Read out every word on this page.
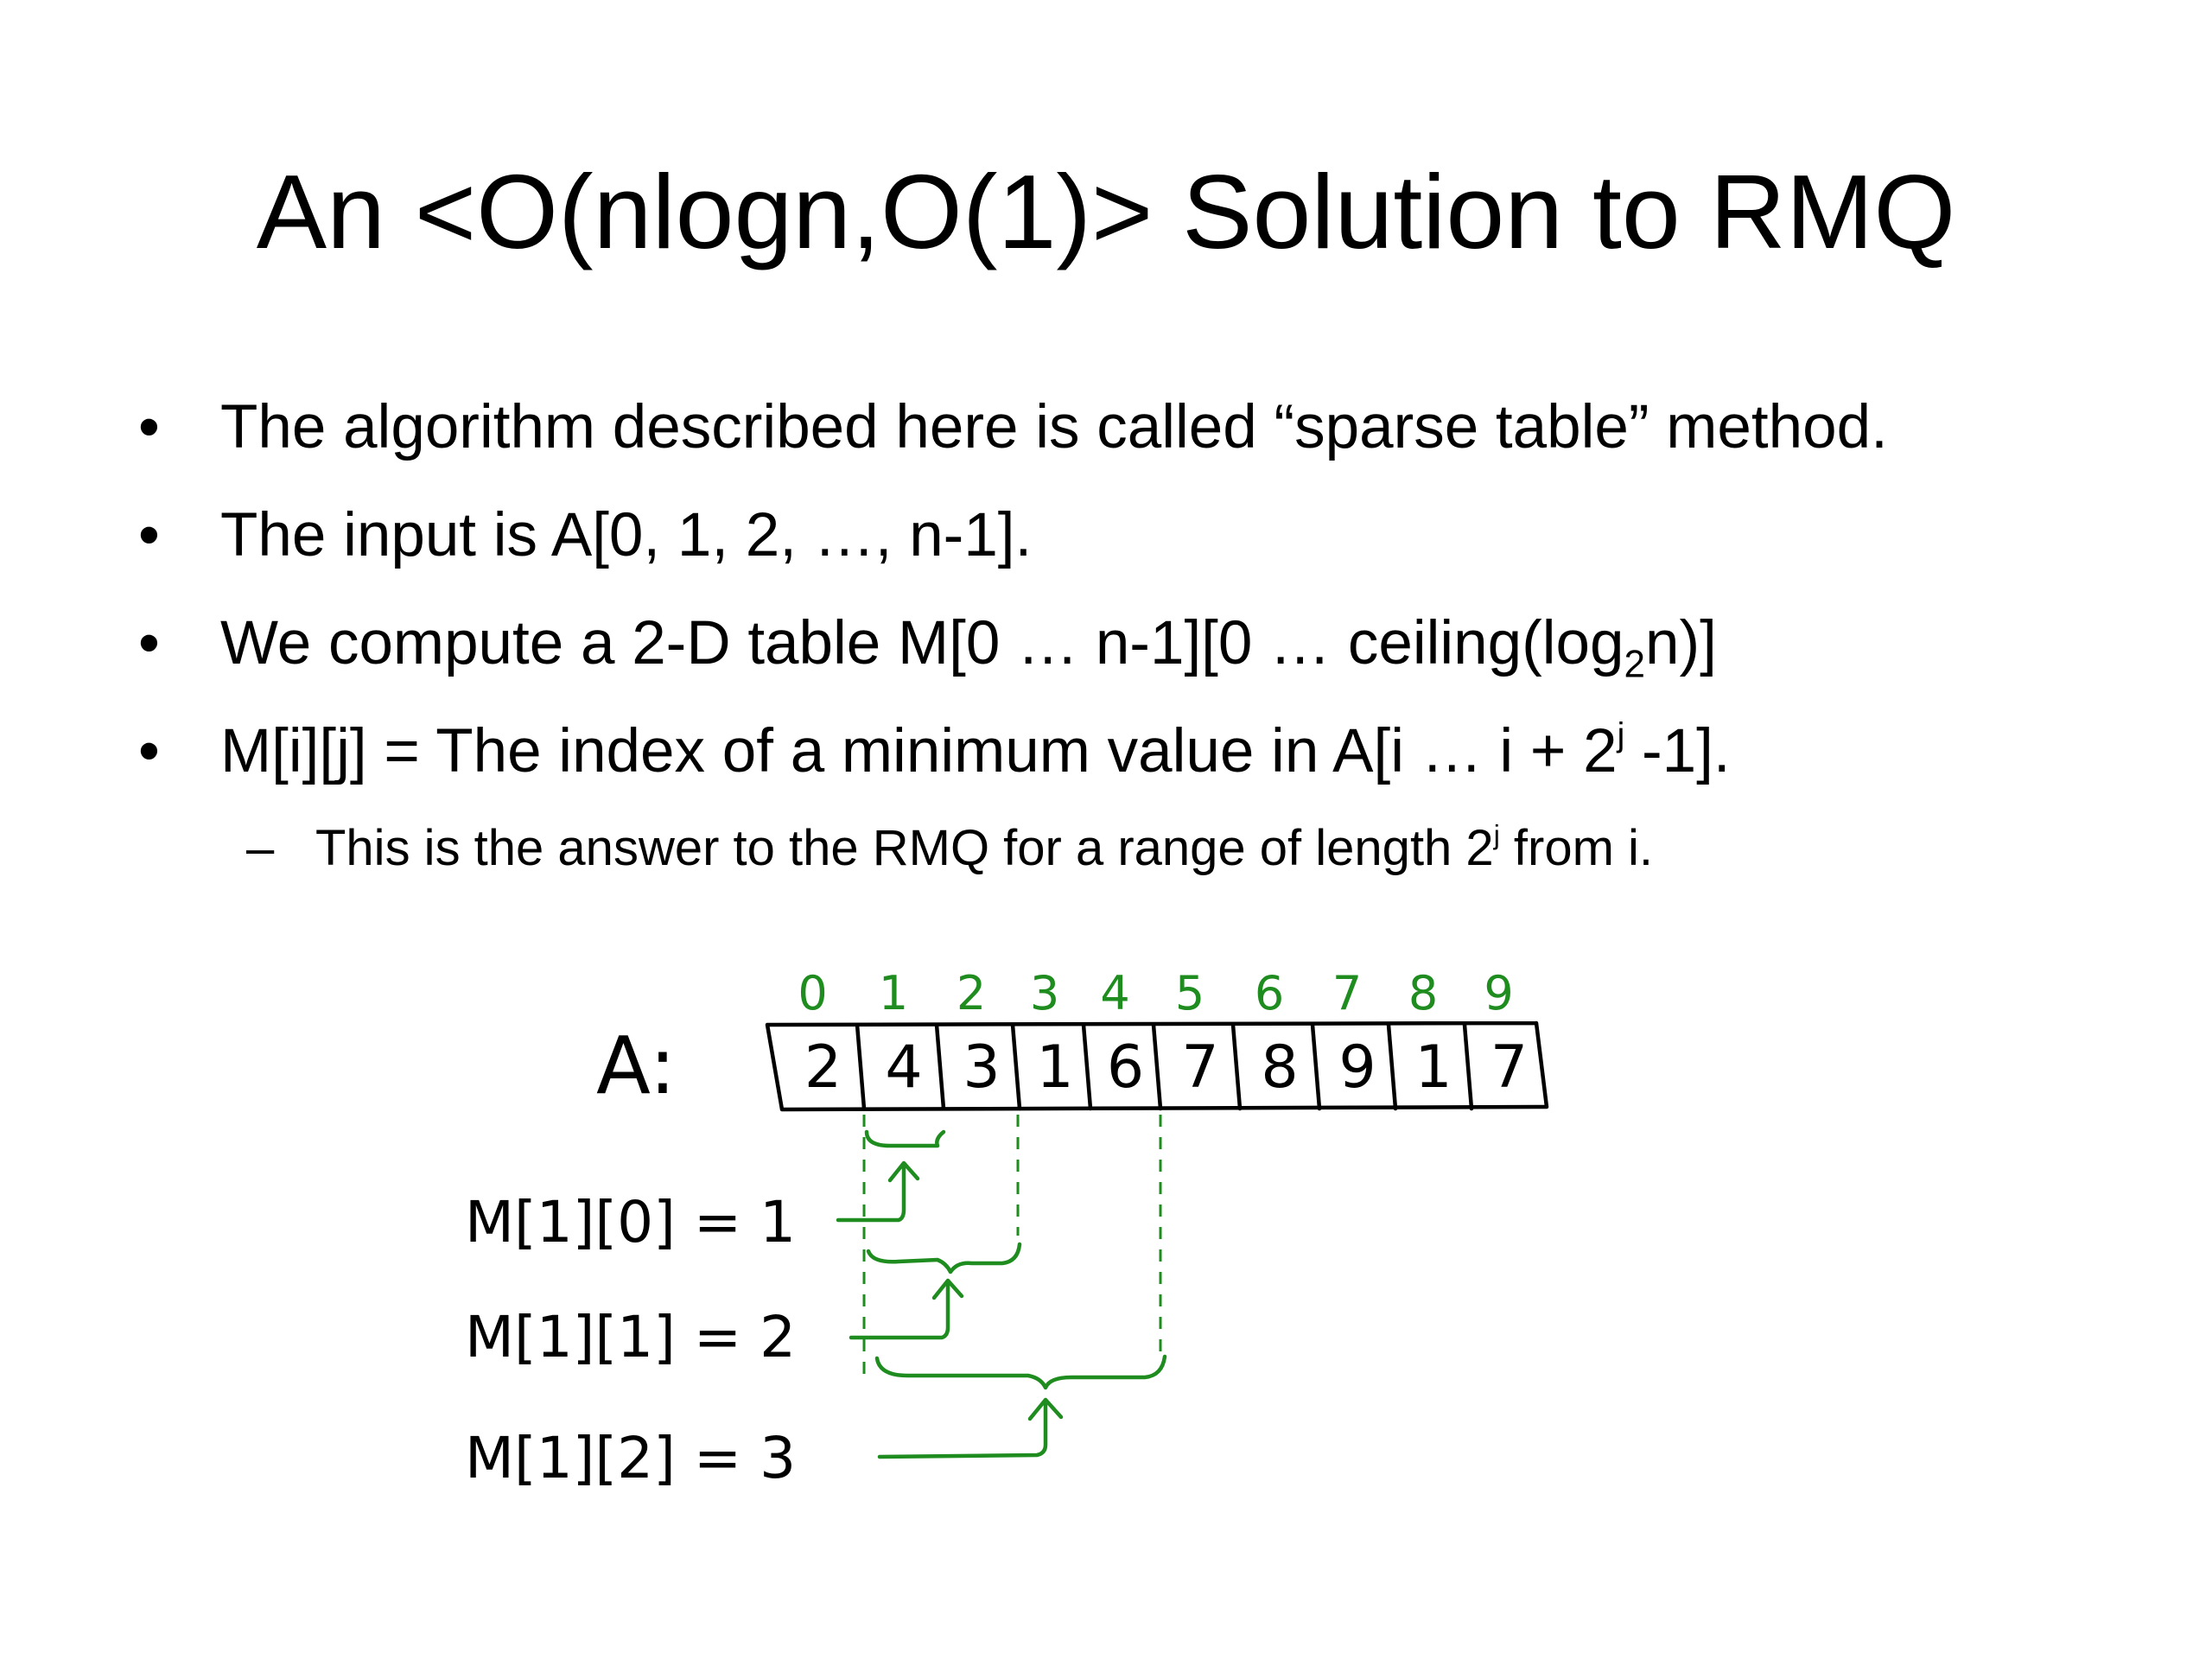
An <O(nlogn,O(1)> Solution to RMQ
• The algorithm described here is called “sparse table” method.
• The input is A[0, 1, 2, …, n-1].
• We compute a 2-D table M[0 … n-1][0 … $ceiling(\log_2n)$]
• M[i][j] = The index of a minimum value in A[i … $i + 2^j$ -1].
– This is the answer to the RMQ for a range of length 2$^j$ from i.
A:
0 1 2 3 4 5 6 7 8 9
2 4 3 1 6 7 8 9 1 7
M[1][0] = 1
M[1][1] = 2
M[1][2] = 3
